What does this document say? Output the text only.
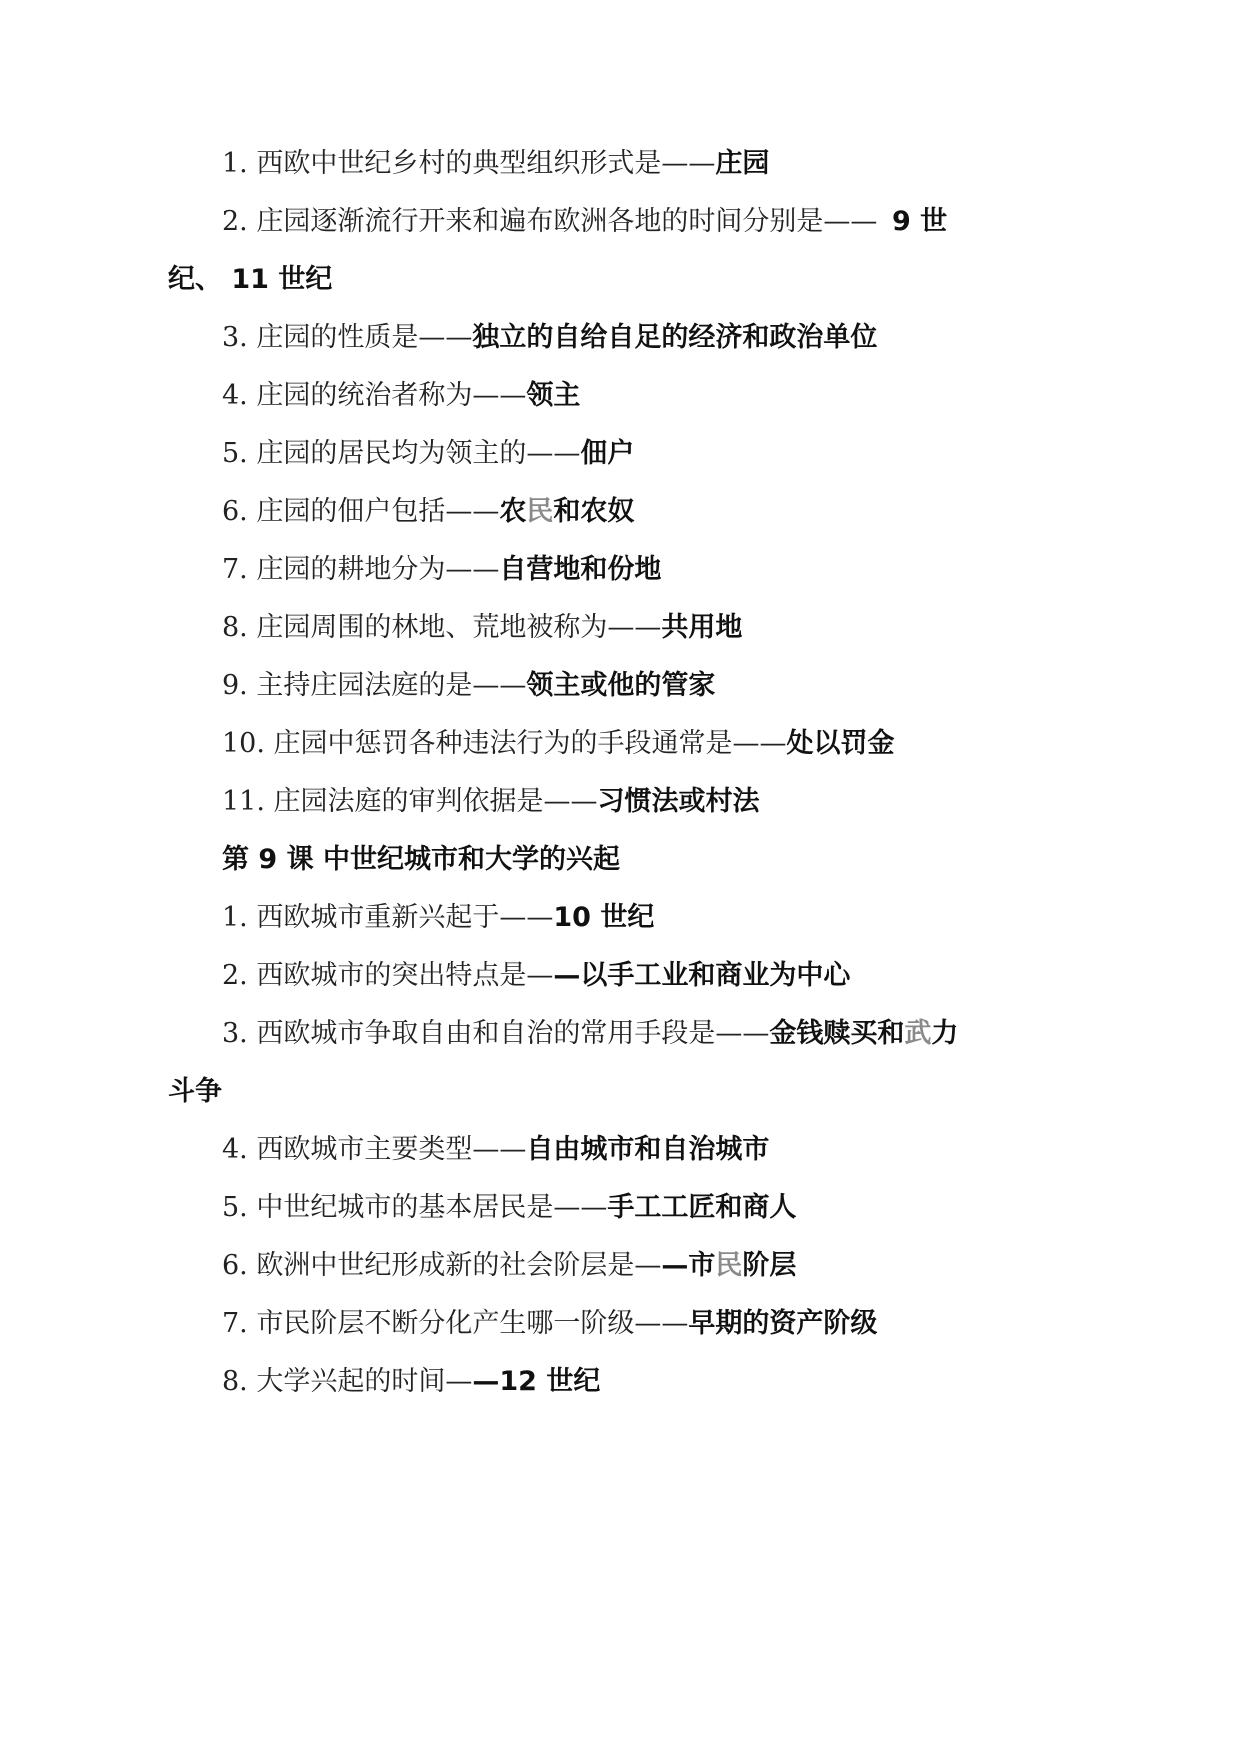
1. 西欧中世纪乡村的典型组织形式是——庄园
2. 庄园逐渐流行开来和遍布欧洲各地的时间分别是—— 9 世
纪、 11 世纪
3. 庄园的性质是——独立的自给自足的经济和政治单位
4. 庄园的统治者称为——领主
5. 庄园的居民均为领主的——佃户
6. 庄园的佃户包括——农民和农奴
7. 庄园的耕地分为——自营地和份地
8. 庄园周围的林地、荒地被称为——共用地
9. 主持庄园法庭的是——领主或他的管家
10. 庄园中惩罚各种违法行为的手段通常是——处以罚金
11. 庄园法庭的审判依据是——习惯法或村法
第 9 课 中世纪城市和大学的兴起
1. 西欧城市重新兴起于——10 世纪
2. 西欧城市的突出特点是——以手工业和商业为中心
3. 西欧城市争取自由和自治的常用手段是——金钱赎买和武力
斗争
4. 西欧城市主要类型——自由城市和自治城市
5. 中世纪城市的基本居民是——手工工匠和商人
6. 欧洲中世纪形成新的社会阶层是——市民阶层
7. 市民阶层不断分化产生哪一阶级——早期的资产阶级
8. 大学兴起的时间——12 世纪
